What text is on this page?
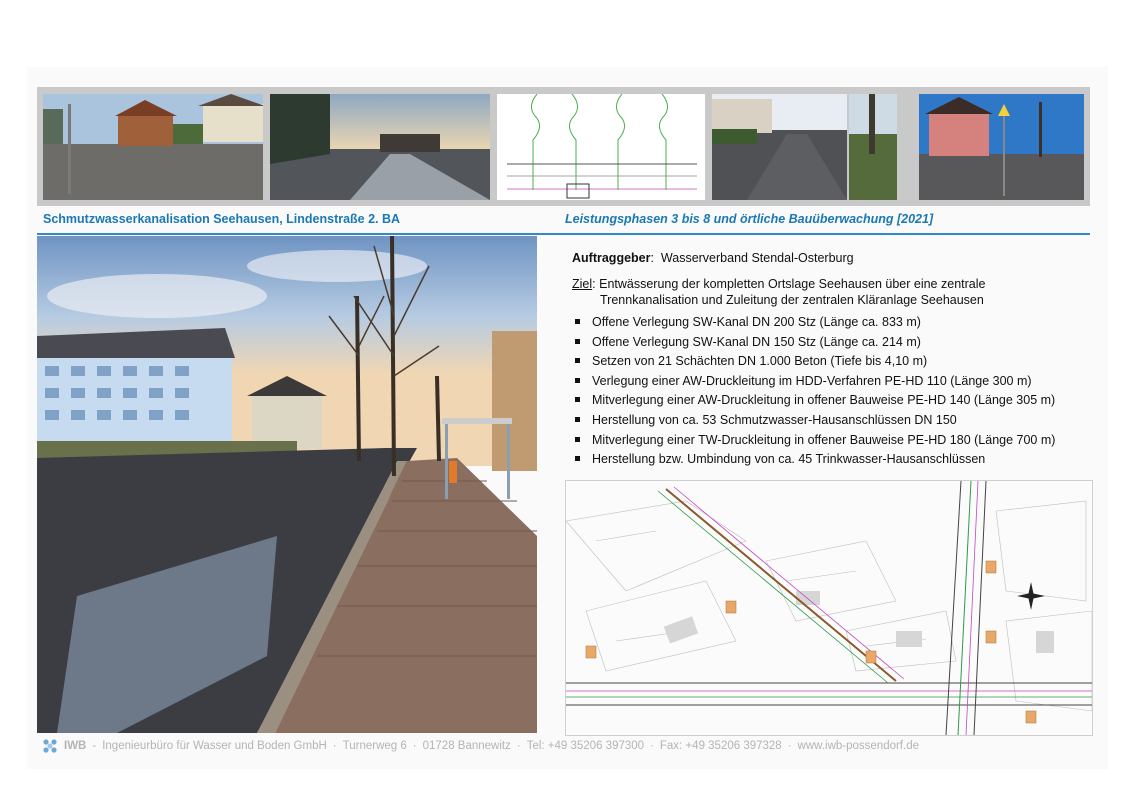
Schmutzwasserkanalisation Seehausen, Lindenstraße 2. BA	Leistungsphasen 3 bis 8 und örtliche Bauüberwachung [2021]
Auftraggeber:  Wasserverband Stendal-Osterburg
Ziel: Entwässerung der kompletten Ortslage Seehausen über eine zentrale
Trennkanalisation und Zuleitung der zentralen Kläranlage Seehausen
Offene Verlegung SW-Kanal DN 200 Stz (Länge ca. 833 m)
Offene Verlegung SW-Kanal DN 150 Stz (Länge ca. 214 m)
Setzen von 21 Schächten DN 1.000 Beton (Tiefe bis 4,10 m)
Verlegung einer AW-Druckleitung im HDD-Verfahren PE-HD 110 (Länge 300 m)
Mitverlegung einer AW-Druckleitung in offener Bauweise PE-HD 140 (Länge 305 m)
Herstellung von ca. 53 Schmutzwasser-Hausanschlüssen DN 150
Mitverlegung einer TW-Druckleitung in offener Bauweise PE-HD 180 (Länge 700 m)
Herstellung bzw. Umbindung von ca. 45 Trinkwasser-Hausanschlüssen
IWB - Ingenieurbüro für Wasser und Boden GmbH · Turnerweg 6 · 01728 Bannewitz · Tel: +49 35206 397300 · Fax: +49 35206 397328 · www.iwb-possendorf.de
